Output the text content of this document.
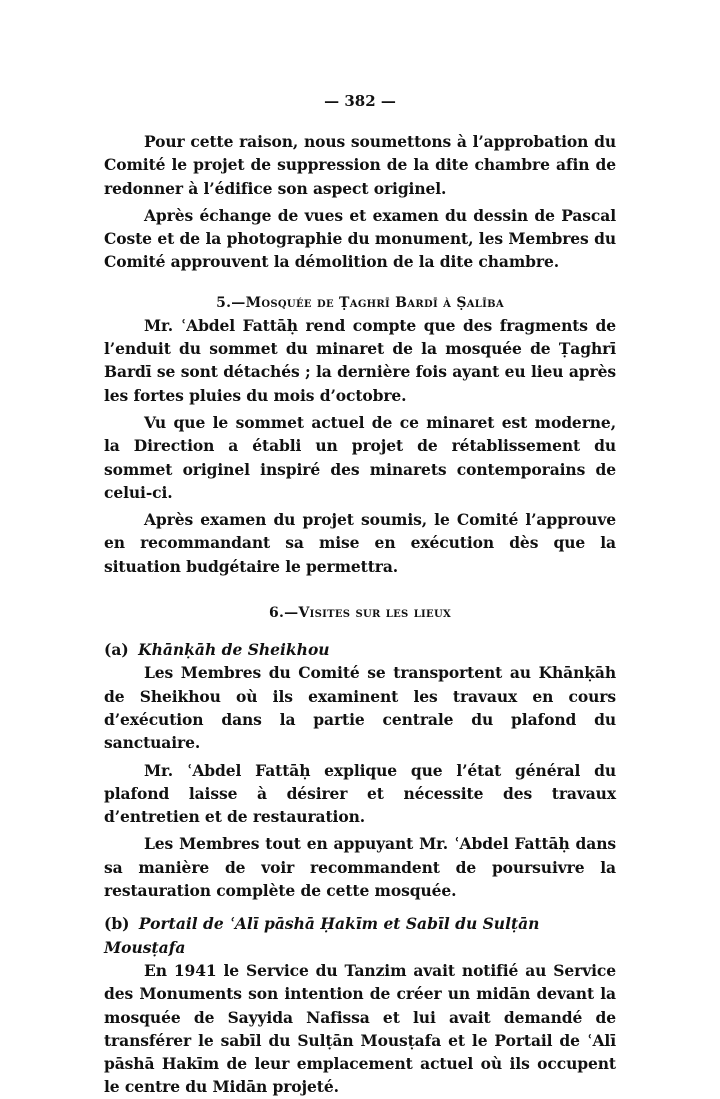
— 382 —

Pour cette raison, nous soumettons à l’approbation du Comité le projet de suppression de la dite chambre afin de redonner à l’édifice son aspect originel.

Après échange de vues et examen du dessin de Pascal Coste et de la photographie du monument, les Membres du Comité approuvent la démolition de la dite chambre.

5.—Mosquée de Ṭaghrī Bardī à Ṣalība

Mr. ʿAbdel Fattāḥ rend compte que des fragments de l’enduit du sommet du minaret de la mosquée de Ṭaghrī Bardī se sont détachés ; la dernière fois ayant eu lieu après les fortes pluies du mois d’octobre.

Vu que le sommet actuel de ce minaret est moderne, la Direction a établi un projet de rétablissement du sommet originel inspiré des minarets contemporains de celui-ci.

Après examen du projet soumis, le Comité l’approuve en recommandant sa mise en exécution dès que la situation budgétaire le permettra.

6.—Visites sur les lieux
(a) Khānḳāh de Sheikhou

Les Membres du Comité se transportent au Khānḳāh de Sheikhou où ils examinent les travaux en cours d’exécution dans la partie centrale du plafond du sanctuaire.

Mr. ʿAbdel Fattāḥ explique que l’état général du plafond laisse à désirer et nécessite des travaux d’entretien et de restauration.

Les Membres tout en appuyant Mr. ʿAbdel Fattāḥ dans sa manière de voir recommandent de poursuivre la restauration complète de cette mosquée.

(b) Portail de ʿAlī pāshā Ḥakīm et Sabīl du Sulṭān Mousṭafa

En 1941 le Service du Tanzim avait notifié au Service des Monuments son intention de créer un midān devant la mosquée de Sayyida Nafissa et lui avait demandé de transférer le sabīl du Sulṭān Mousṭafa et le Portail de ʿAlī pāshā Hakīm de leur emplacement actuel où ils occupent le centre du Midān projeté.
